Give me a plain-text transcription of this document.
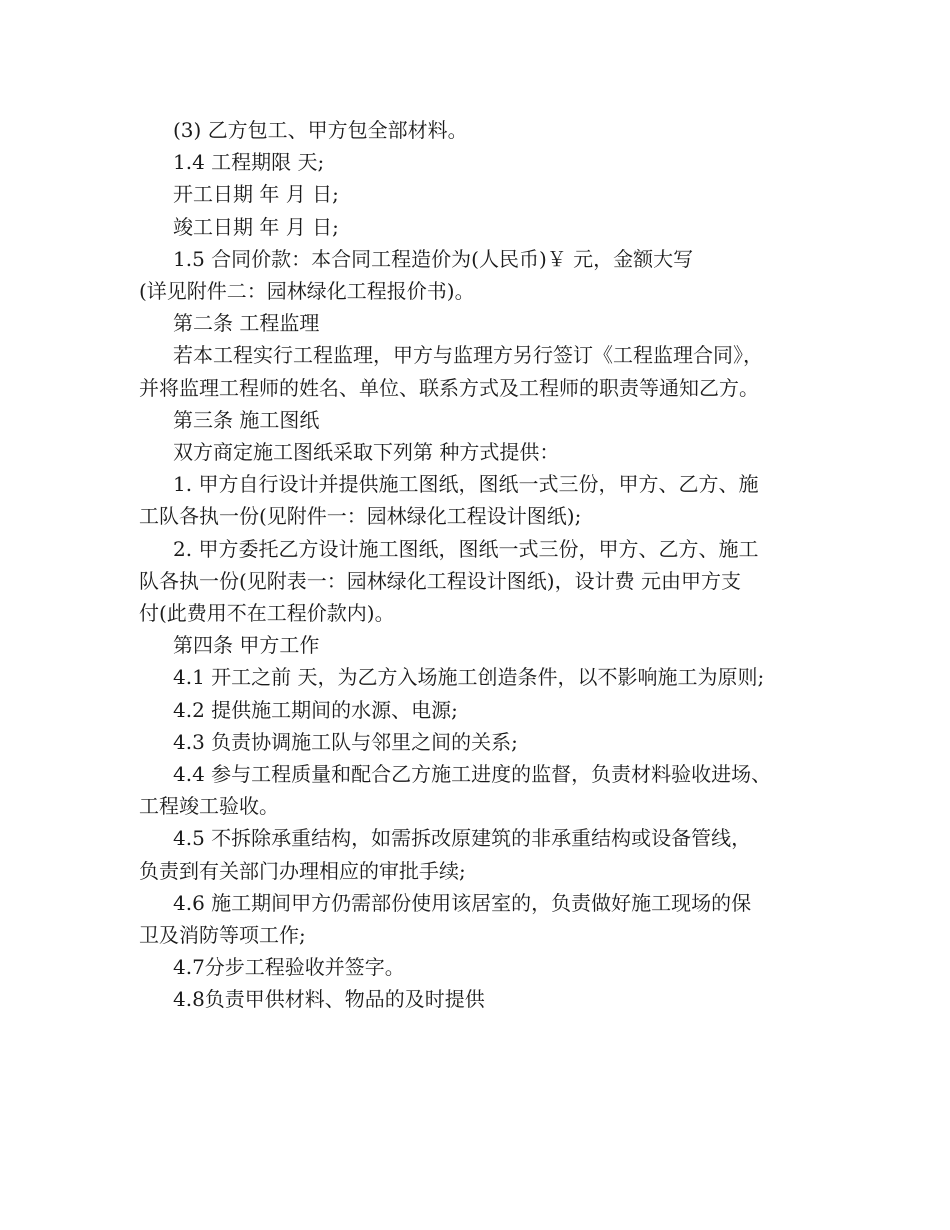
(3) 乙方包工、甲方包全部材料。

1.4 工程期限 天;

开工日期 年 月 日;

竣工日期 年 月 日;

1.5 合同价款：本合同工程造价为(人民币)￥ 元，金额大写

(详见附件二：园林绿化工程报价书)。

第二条 工程监理

若本工程实行工程监理，甲方与监理方另行签订《工程监理合同》，

并将监理工程师的姓名、单位、联系方式及工程师的职责等通知乙方。

第三条 施工图纸

双方商定施工图纸采取下列第 种方式提供：

1. 甲方自行设计并提供施工图纸，图纸一式三份，甲方、乙方、施

工队各执一份(见附件一：园林绿化工程设计图纸);

2. 甲方委托乙方设计施工图纸，图纸一式三份，甲方、乙方、施工

队各执一份(见附表一：园林绿化工程设计图纸)，设计费 元由甲方支

付(此费用不在工程价款内)。

第四条 甲方工作

4.1 开工之前 天，为乙方入场施工创造条件，以不影响施工为原则;

4.2 提供施工期间的水源、电源;

4.3 负责协调施工队与邻里之间的关系;

4.4 参与工程质量和配合乙方施工进度的监督，负责材料验收进场、

工程竣工验收。

4.5 不拆除承重结构，如需拆改原建筑的非承重结构或设备管线，

负责到有关部门办理相应的审批手续;

4.6 施工期间甲方仍需部份使用该居室的，负责做好施工现场的保

卫及消防等项工作;

4.7分步工程验收并签字。

4.8负责甲供材料、物品的及时提供
